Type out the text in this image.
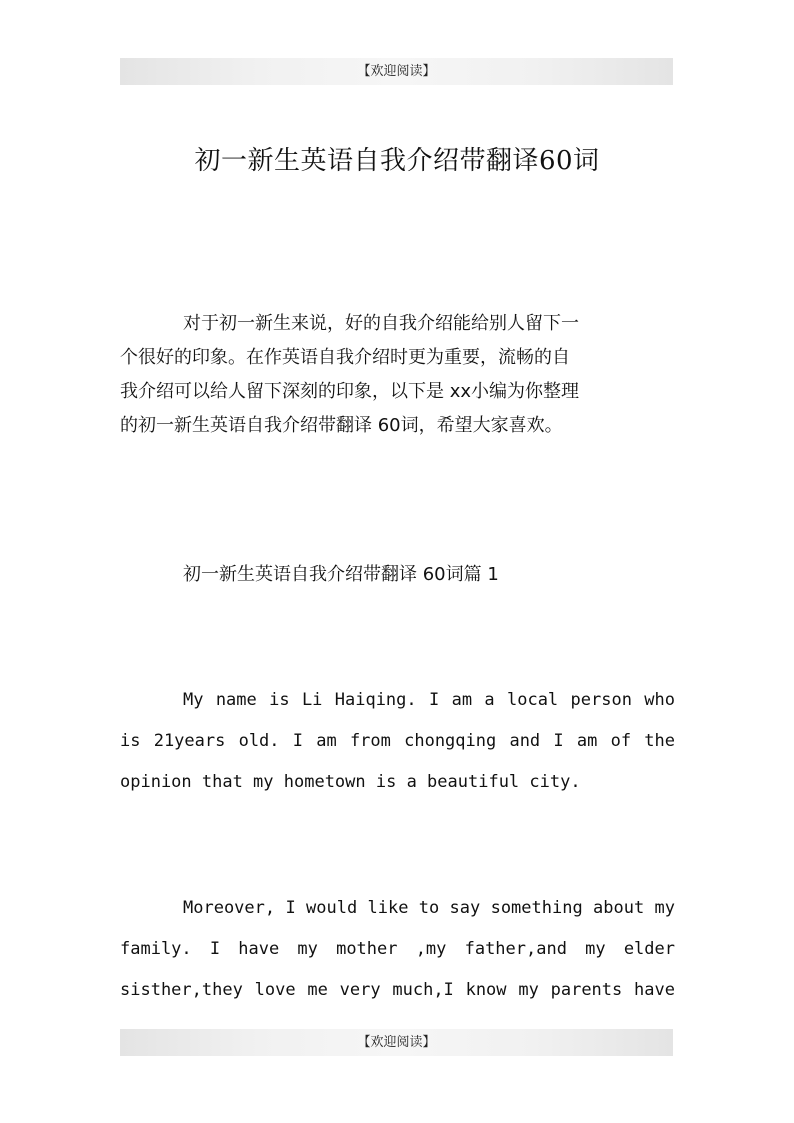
【欢迎阅读】
初一新生英语自我介绍带翻译60词
对于初一新生来说，好的自我介绍能给别人留下一
个很好的印象。在作英语自我介绍时更为重要，流畅的自
我介绍可以给人留下深刻的印象，以下是 xx小编为你整理
的初一新生英语自我介绍带翻译 60词，希望大家喜欢。
初一新生英语自我介绍带翻译 60词篇 1
My name is Li Haiqing. I am a local person who
is 21years old. I am from chongqing and I am of the
opinion that my hometown is a beautiful city.
Moreover, I would like to say something about my
family. I have my mother ,my father,and my elder
sisther,they love me very much,I know my parents have
【欢迎阅读】
